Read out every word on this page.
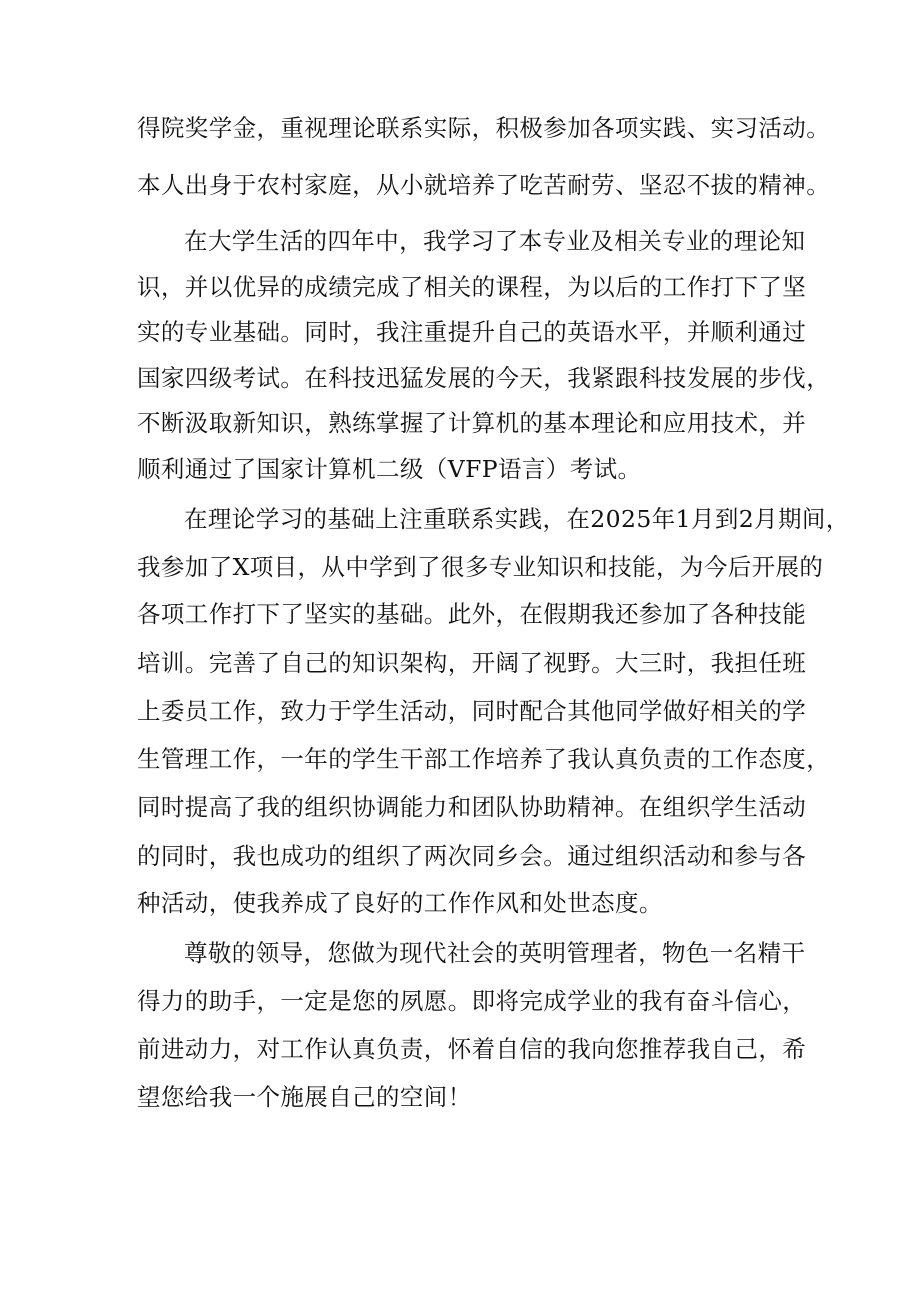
得院奖学金，重视理论联系实际，积极参加各项实践、实习活动。
本人出身于农村家庭，从小就培养了吃苦耐劳、坚忍不拔的精神。
在大学生活的四年中，我学习了本专业及相关专业的理论知
识，并以优异的成绩完成了相关的课程，为以后的工作打下了坚
实的专业基础。同时，我注重提升自己的英语水平，并顺利通过
国家四级考试。在科技迅猛发展的今天，我紧跟科技发展的步伐，
不断汲取新知识，熟练掌握了计算机的基本理论和应用技术，并
顺利通过了国家计算机二级（VFP语言）考试。
在理论学习的基础上注重联系实践，在2025年1月到2月期间，
我参加了X项目，从中学到了很多专业知识和技能，为今后开展的
各项工作打下了坚实的基础。此外，在假期我还参加了各种技能
培训。完善了自己的知识架构，开阔了视野。大三时，我担任班
上委员工作，致力于学生活动，同时配合其他同学做好相关的学
生管理工作，一年的学生干部工作培养了我认真负责的工作态度，
同时提高了我的组织协调能力和团队协助精神。在组织学生活动
的同时，我也成功的组织了两次同乡会。通过组织活动和参与各
种活动，使我养成了良好的工作作风和处世态度。
尊敬的领导，您做为现代社会的英明管理者，物色一名精干
得力的助手，一定是您的夙愿。即将完成学业的我有奋斗信心，
前进动力，对工作认真负责，怀着自信的我向您推荐我自己，希
望您给我一个施展自己的空间！
